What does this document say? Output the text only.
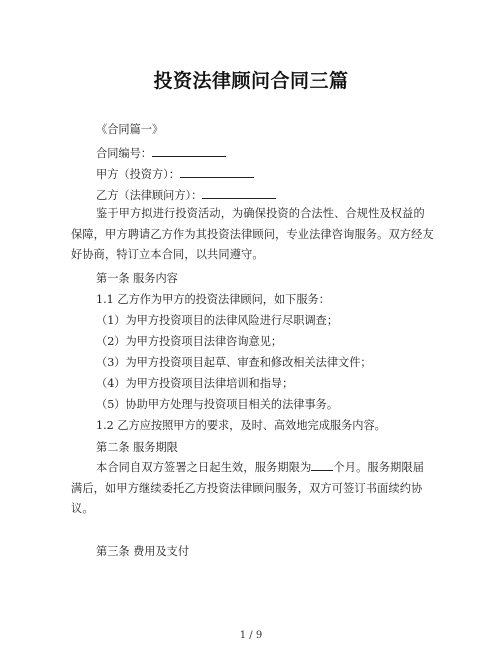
投资法律顾问合同三篇
《合同篇一》
合同编号：
甲方（投资方）：
乙方（法律顾问方）：
鉴于甲方拟进行投资活动，为确保投资的合法性、合规性及权益的保障，甲方聘请乙方作为其投资法律顾问，专业法律咨询服务。双方经友好协商，特订立本合同，以共同遵守。
第一条 服务内容
1.1 乙方作为甲方的投资法律顾问，如下服务：
（1）为甲方投资项目的法律风险进行尽职调查；
（2）为甲方投资项目法律咨询意见；
（3）为甲方投资项目起草、审查和修改相关法律文件；
（4）为甲方投资项目法律培训和指导；
（5）协助甲方处理与投资项目相关的法律事务。
1.2 乙方应按照甲方的要求，及时、高效地完成服务内容。
第二条 服务期限
本合同自双方签署之日起生效，服务期限为 个月。服务期限届满后，如甲方继续委托乙方投资法律顾问服务，双方可签订书面续约协议。
第三条 费用及支付
1 / 9
